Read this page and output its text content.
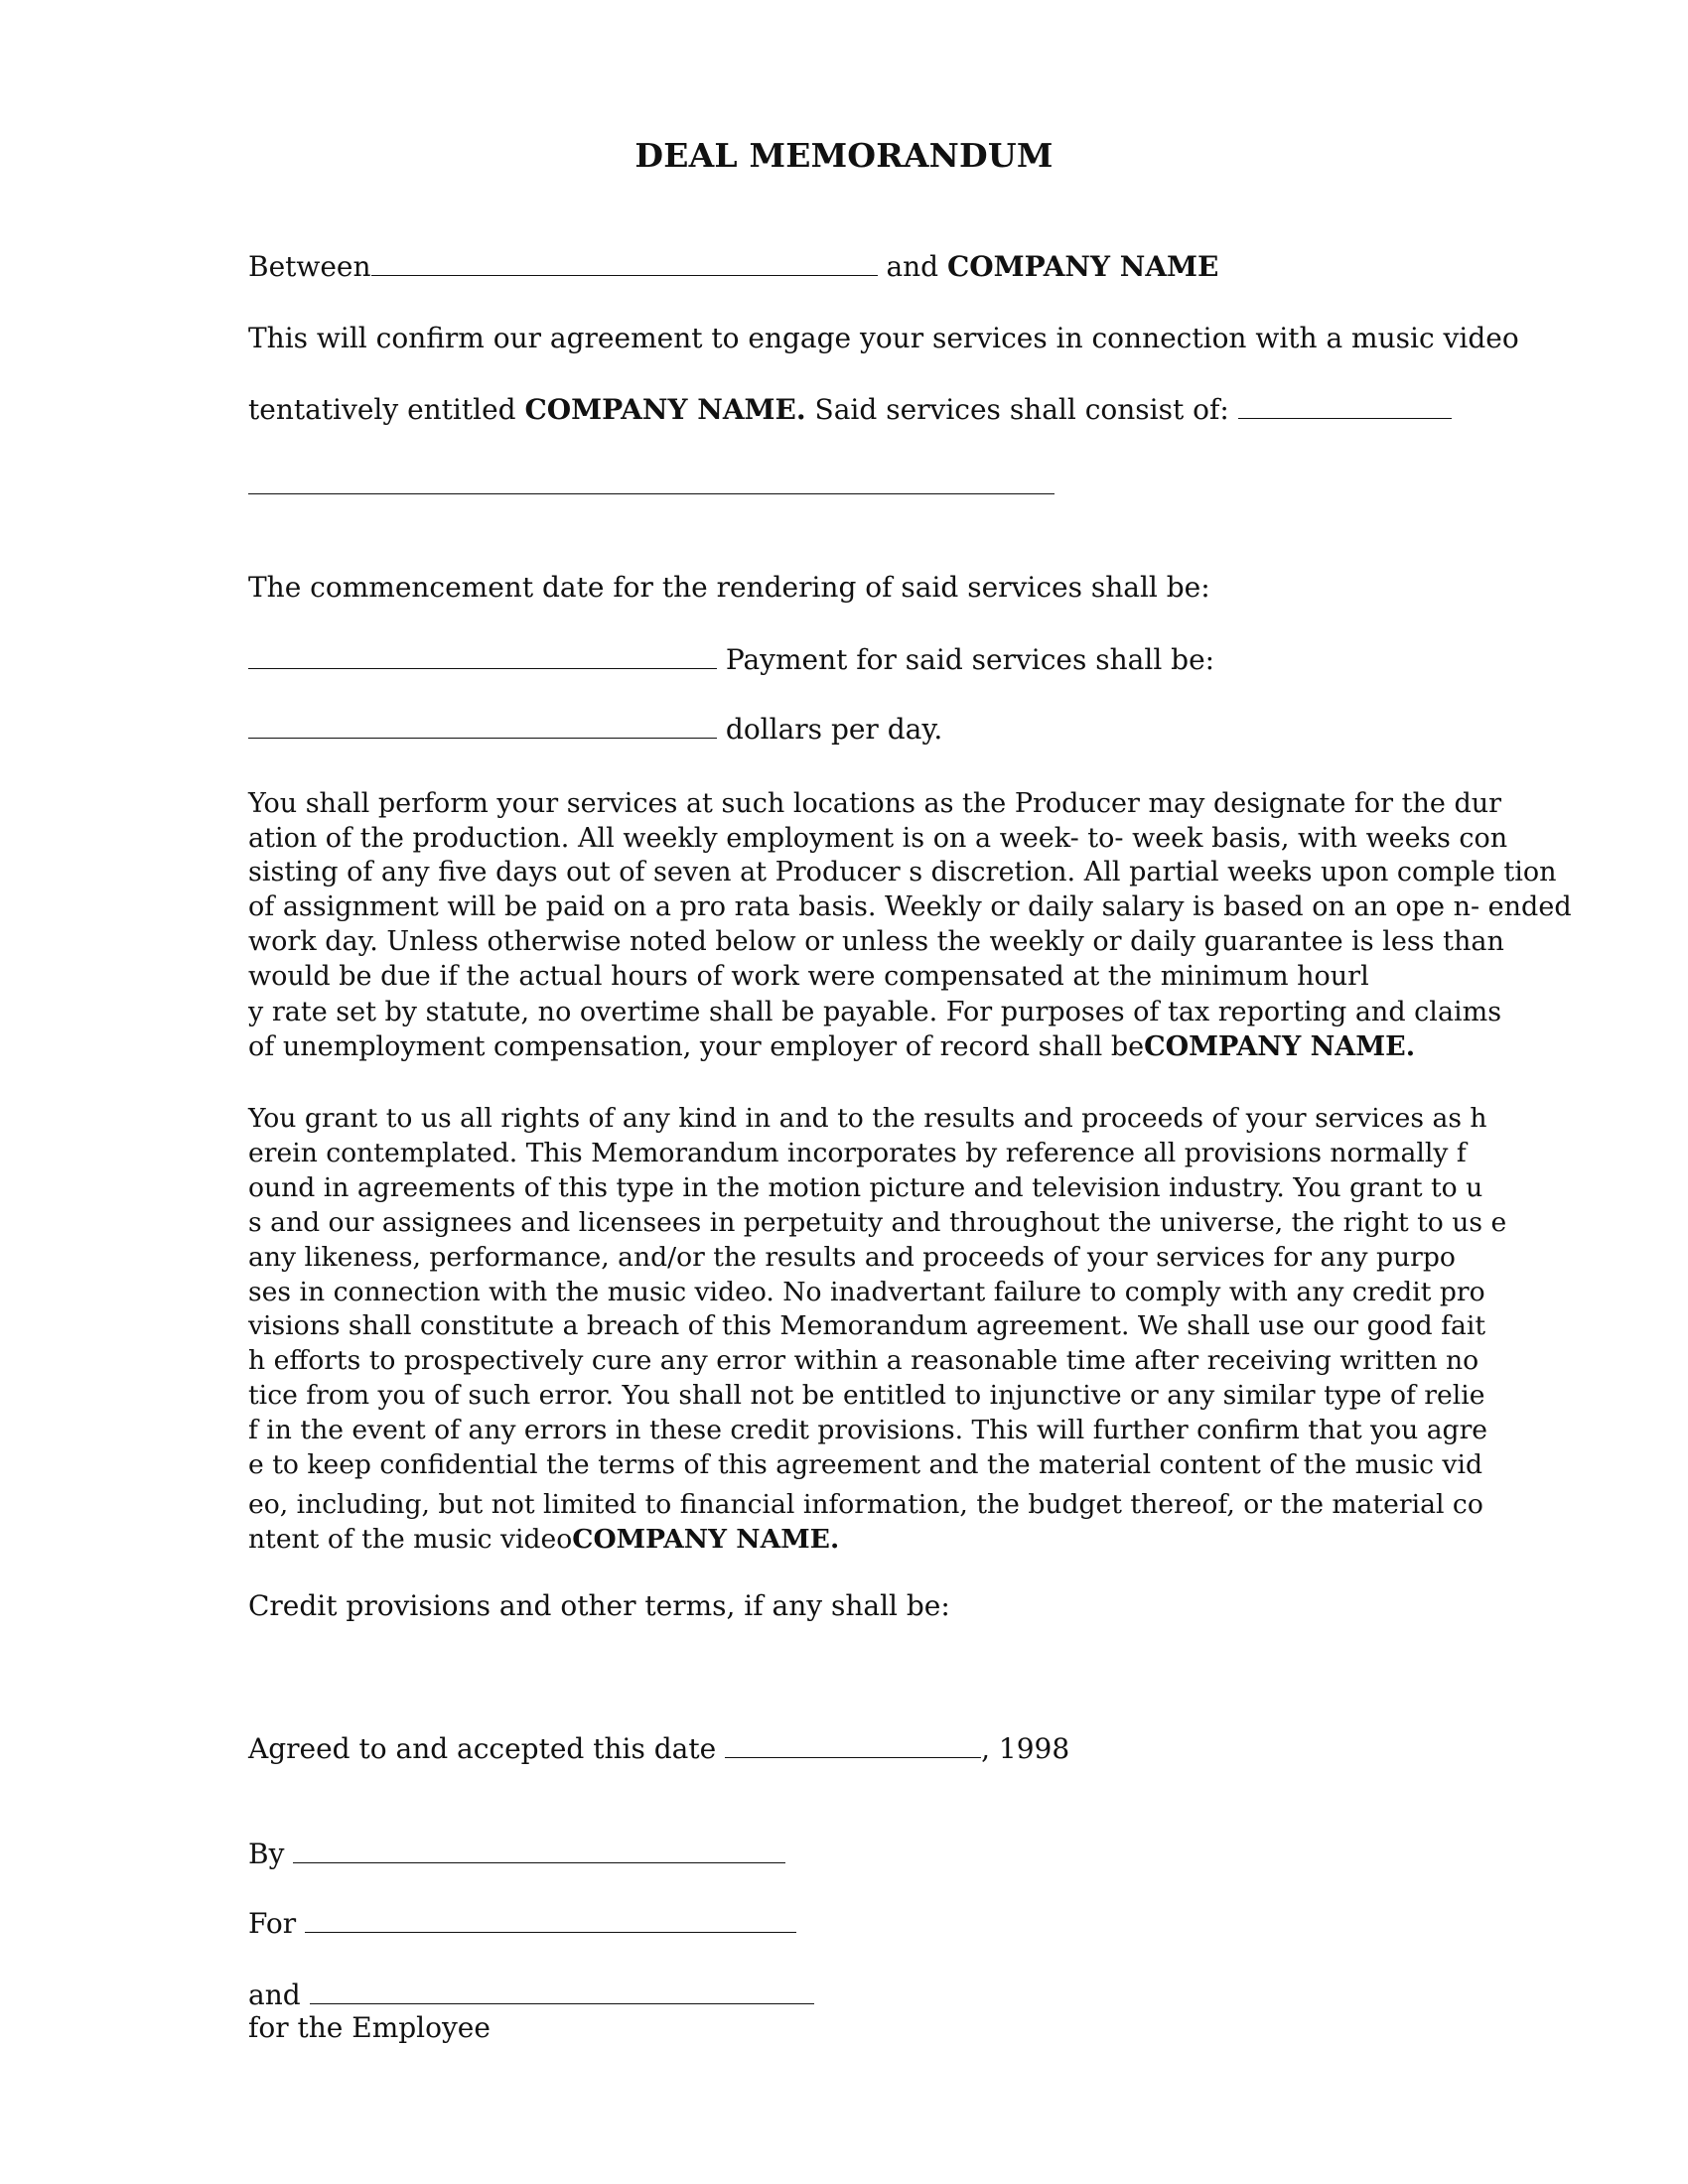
DEAL MEMORANDUM
Between	and COMPANY NAME
This will confirm our agreement to engage your services in connection with a music video
tentatively entitled COMPANY NAME. Said services shall consist of:
The commencement date for the rendering of said services shall be:
Payment for said services shall be:
dollars per day.
You shall perform your services at such locations as the Producer may designate for the dur
ation of the production. All weekly employment is on a week- to- week basis, with weeks con
sisting of any five days out of seven at Producer s discretion. All partial weeks upon comple tion
of assignment will be paid on a pro rata basis. Weekly or daily salary is based on an ope n- ended
work day. Unless otherwise noted below or unless the weekly or daily guarantee is less than
would be due if the actual hours of work were compensated at the minimum hourl
y rate set by statute, no overtime shall be payable. For purposes of tax reporting and claims
of unemployment compensation, your employer of record shall beCOMPANY NAME.
You grant to us all rights of any kind in and to the results and proceeds of your services as h
erein contemplated. This Memorandum incorporates by reference all provisions normally f
ound in agreements of this type in the motion picture and television industry. You grant to u
s and our assignees and licensees in perpetuity and throughout the universe, the right to us e
any likeness, performance, and/or the results and proceeds of your services for any purpo
ses in connection with the music video. No inadvertant failure to comply with any credit pro
visions shall constitute a breach of this Memorandum agreement. We shall use our good fait
h efforts to prospectively cure any error within a reasonable time after receiving written no
tice from you of such error. You shall not be entitled to injunctive or any similar type of relie
f in the event of any errors in these credit provisions. This will further confirm that you agre
e to keep confidential the terms of this agreement and the material content of the music vid
eo, including, but not limited to financial information, the budget thereof, or the material co
ntent of the music videoCOMPANY NAME.
Credit provisions and other terms, if any shall be:
Agreed to and accepted this date	, 1998
By
For
and
for the Employee
